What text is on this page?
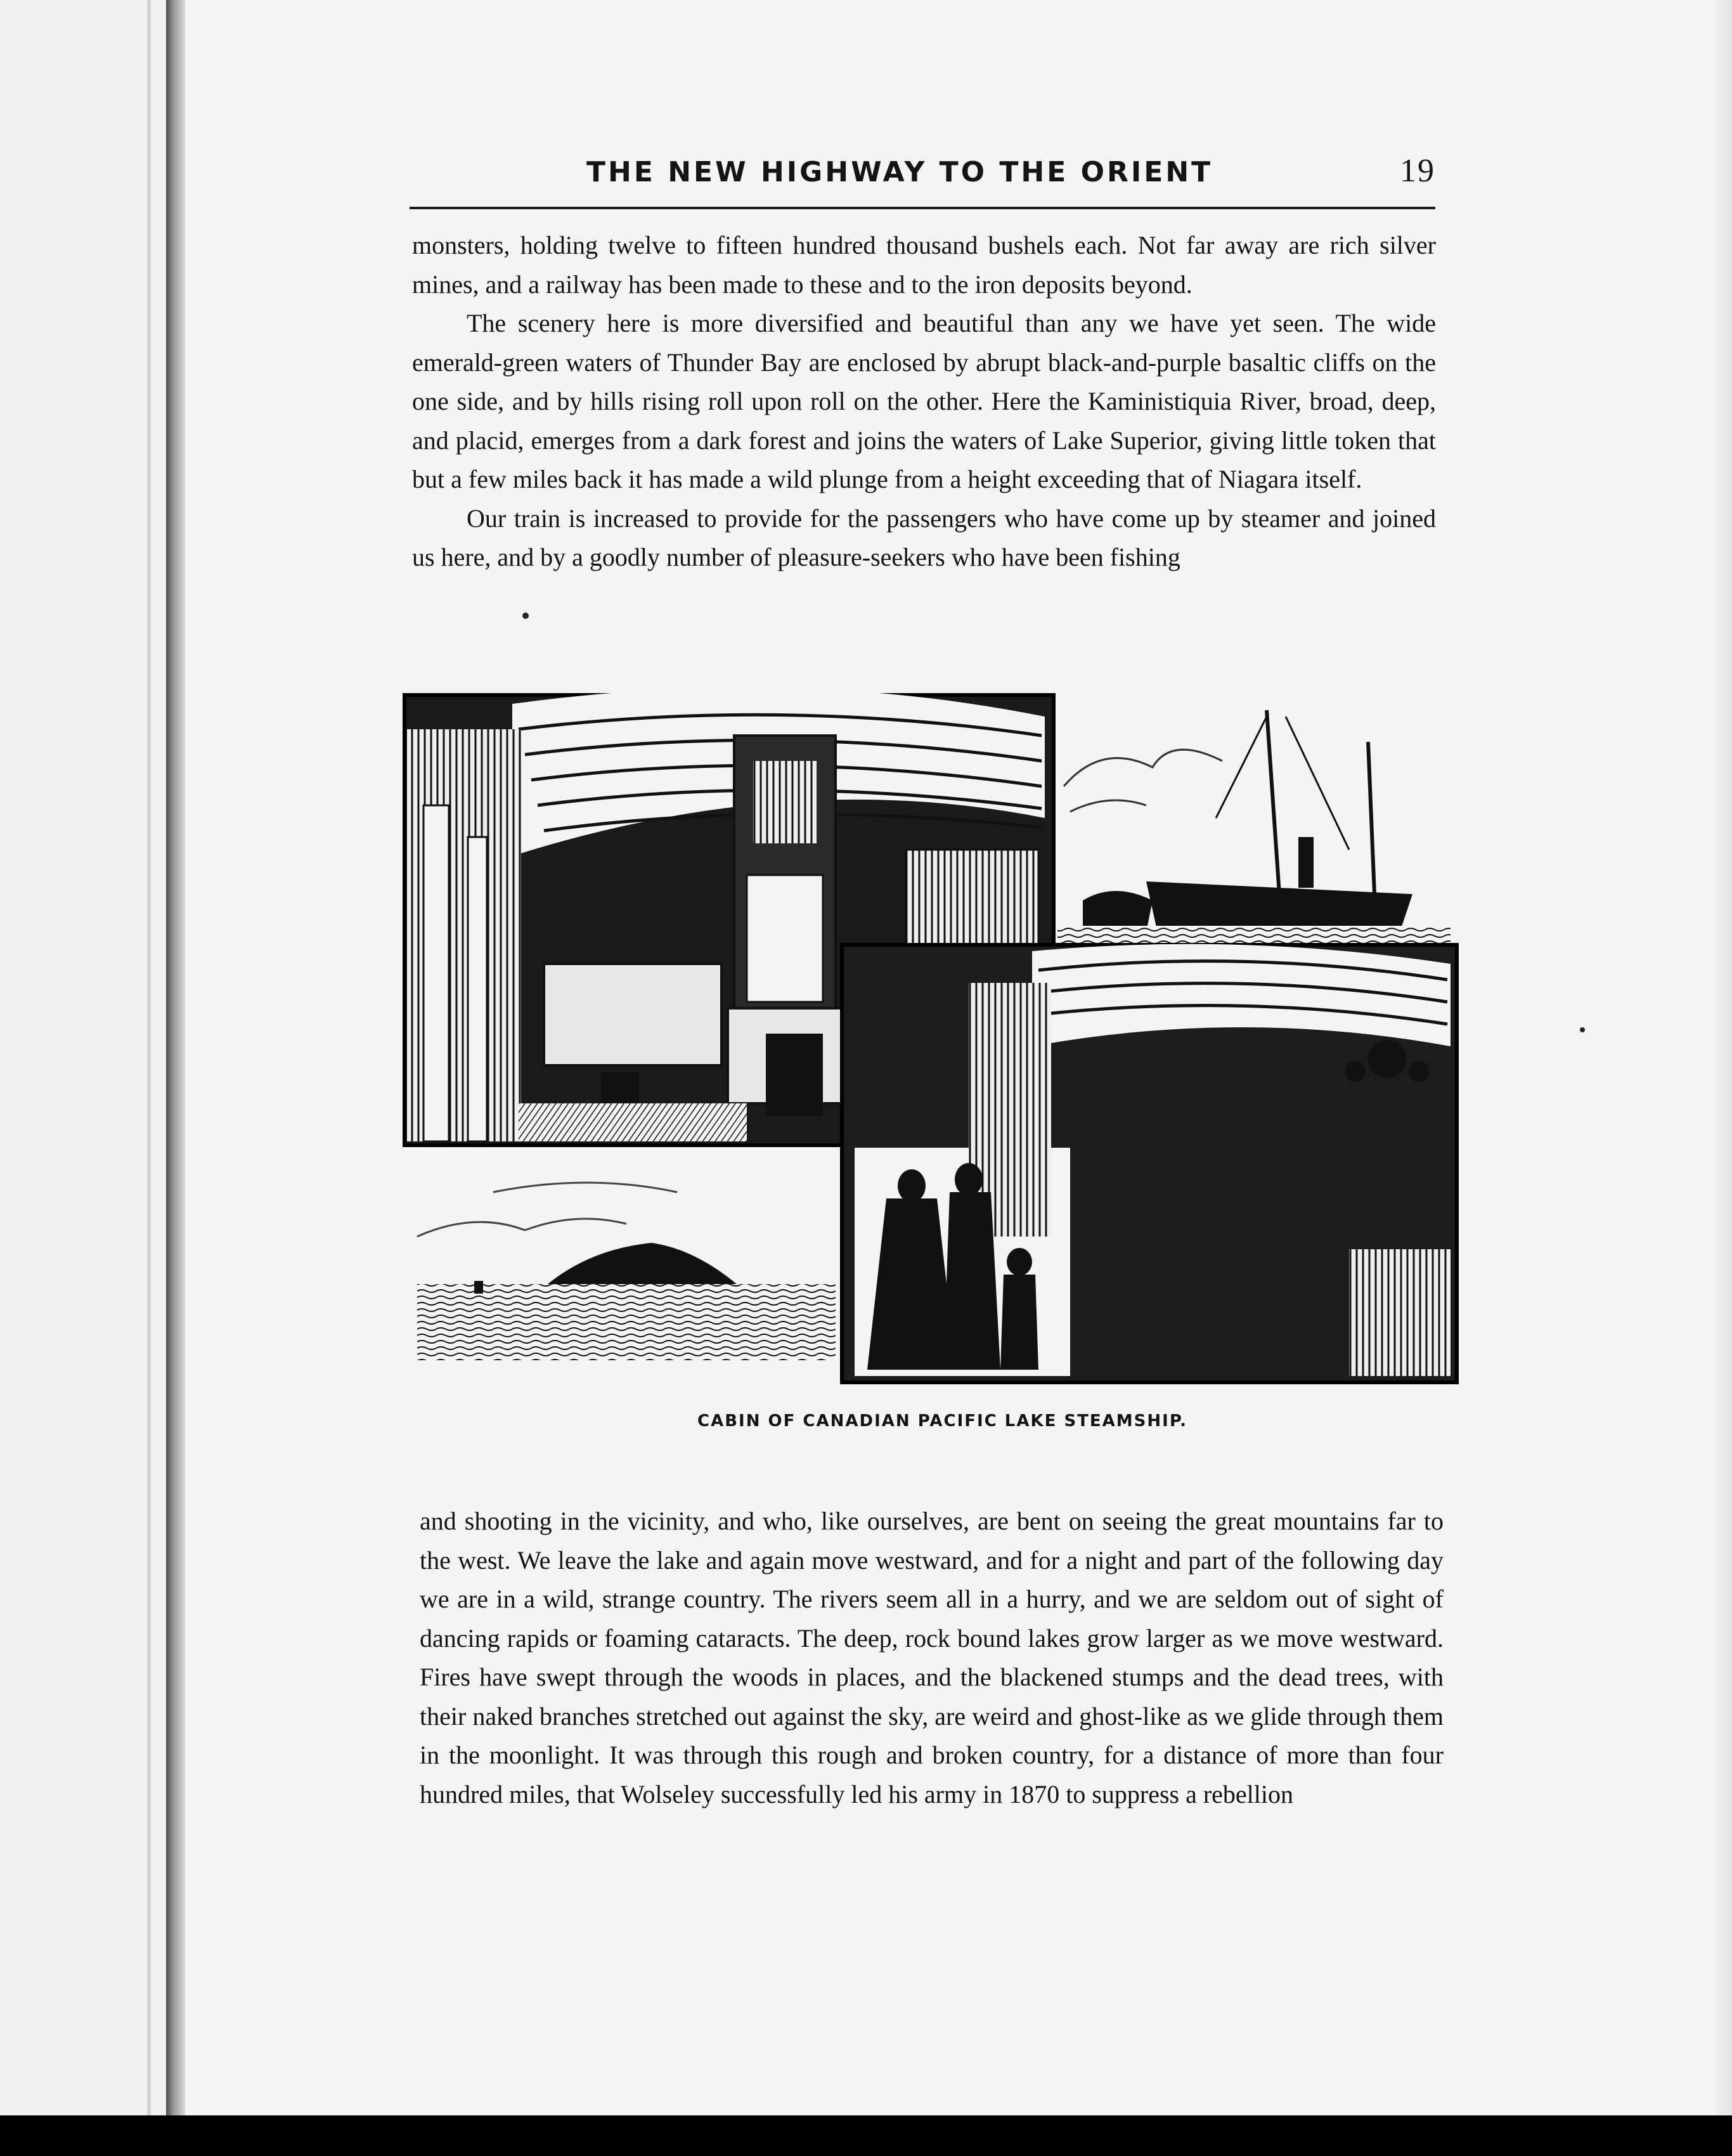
THE NEW HIGHWAY TO THE ORIENT	19

monsters, holding twelve to fifteen hundred thousand bushels each. Not far away are rich silver mines, and a railway has been made to these and to the iron deposits beyond.

The scenery here is more diversified and beautiful than any we have yet seen. The wide emerald-green waters of Thunder Bay are enclosed by abrupt black-and-purple basaltic cliffs on the one side, and by hills rising roll upon roll on the other. Here the Kaministiquia River, broad, deep, and placid, emerges from a dark forest and joins the waters of Lake Superior, giving little token that but a few miles back it has made a wild plunge from a height exceeding that of Niagara itself.

Our train is increased to provide for the passengers who have come up by steamer and joined us here, and by a goodly number of pleasure-seekers who have been fishing

CABIN OF CANADIAN PACIFIC LAKE STEAMSHIP.

and shooting in the vicinity, and who, like ourselves, are bent on seeing the great mountains far to the west. We leave the lake and again move westward, and for a night and part of the following day we are in a wild, strange country. The rivers seem all in a hurry, and we are seldom out of sight of dancing rapids or foaming cataracts. The deep, rock bound lakes grow larger as we move westward. Fires have swept through the woods in places, and the blackened stumps and the dead trees, with their naked branches stretched out against the sky, are weird and ghost-like as we glide through them in the moonlight. It was through this rough and broken country, for a distance of more than four hundred miles, that Wolseley successfully led his army in 1870 to suppress a rebellion
